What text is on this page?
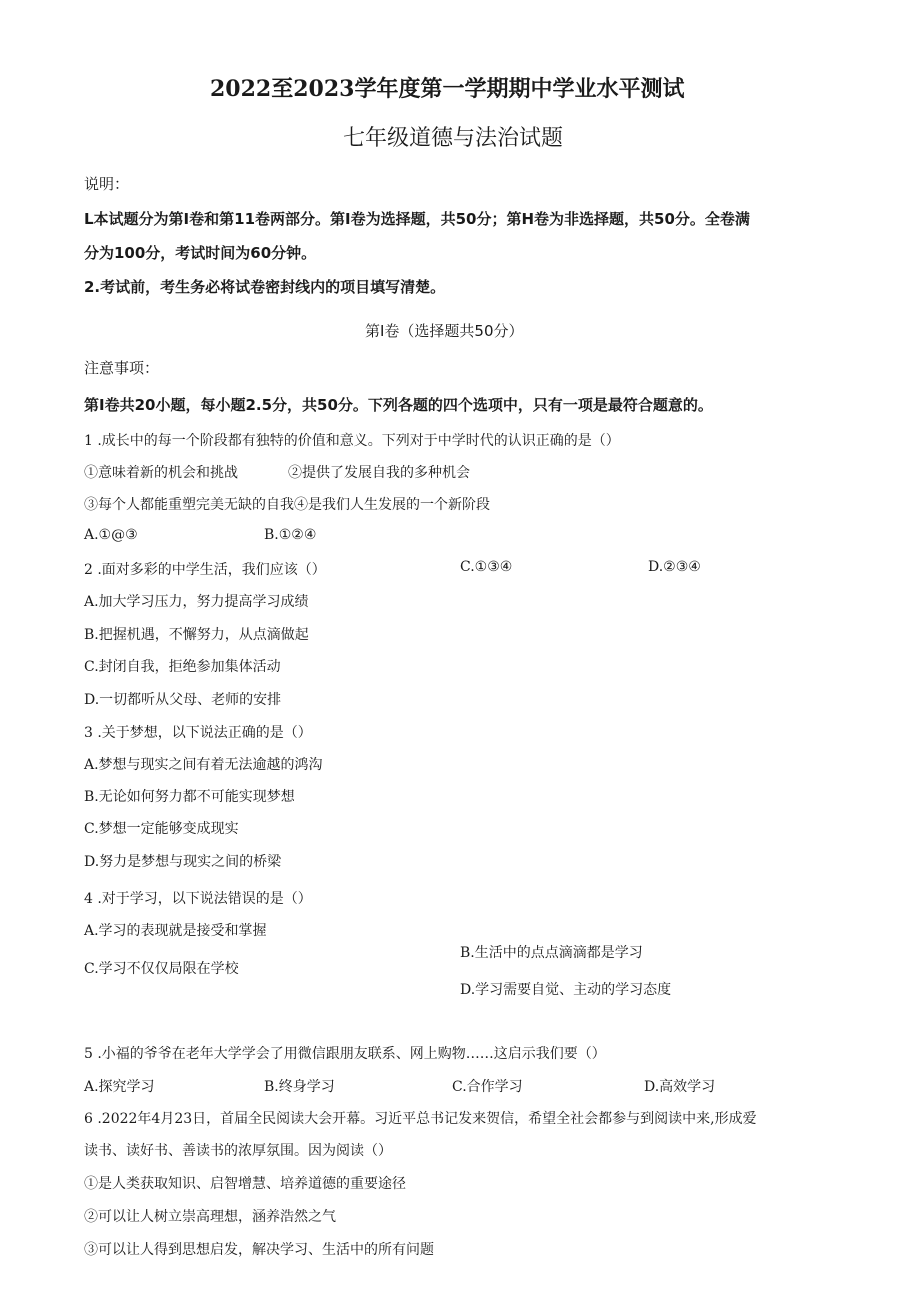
2022至2023学年度第一学期期中学业水平测试
七年级道德与法治试题
说明：
L本试题分为第I卷和第11卷两部分。第I卷为选择题，共50分；第H卷为非选择题，共50分。全卷满
分为100分，考试时间为60分钟。
2.考试前，考生务必将试卷密封线内的项目填写清楚。
第I卷（选择题共50分）
注意事项：
第I卷共20小题，每小题2.5分，共50分。下列各题的四个选项中，只有一项是最符合题意的。
1 .成长中的每一个阶段都有独特的价值和意义。下列对于中学时代的认识正确的是（）
①意味着新的机会和挑战	②提供了发展自我的多种机会
③每个人都能重塑完美无缺的自我④是我们人生发展的一个新阶段
A.①@③	B.①②④
C.①③④	D.②③④
2 .面对多彩的中学生活，我们应该（）
A.加大学习压力，努力提高学习成绩
B.把握机遇，不懈努力，从点滴做起
C.封闭自我，拒绝参加集体活动
D.一切都听从父母、老师的安排
3 .关于梦想，以下说法正确的是（）
A.梦想与现实之间有着无法逾越的鸿沟
B.无论如何努力都不可能实现梦想
C.梦想一定能够变成现实
D.努力是梦想与现实之间的桥梁
4 .对于学习，以下说法错误的是（）
A.学习的表现就是接受和掌握
B.生活中的点点滴滴都是学习
C.学习不仅仅局限在学校
D.学习需要自觉、主动的学习态度
5 .小福的爷爷在老年大学学会了用微信跟朋友联系、网上购物……这启示我们要（）
A.探究学习	B.终身学习	C.合作学习	D.高效学习
6 .2022年4月23日，首届全民阅读大会开幕。习近平总书记发来贺信，希望全社会都参与到阅读中来,形成爱
读书、读好书、善读书的浓厚氛围。因为阅读（）
①是人类获取知识、启智增慧、培养道德的重要途径
②可以让人树立崇高理想，涵养浩然之气
③可以让人得到思想启发，解决学习、生活中的所有问题
